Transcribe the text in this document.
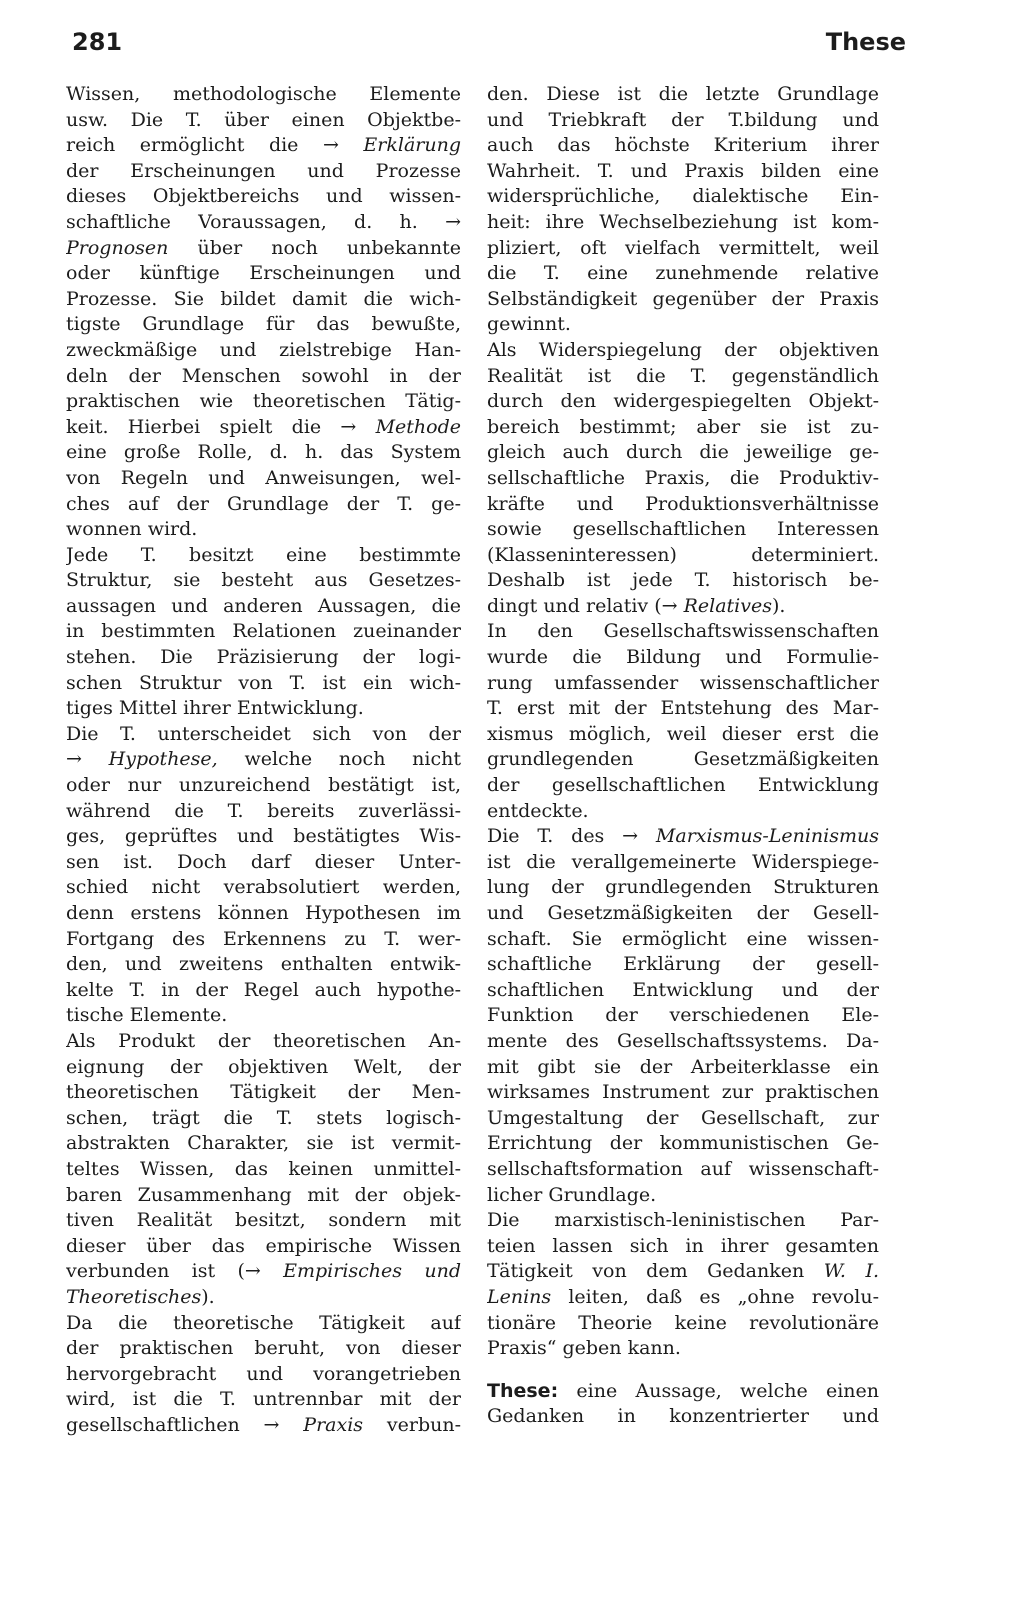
281	These
Wissen, methodologische Elemente
usw. Die T. über einen Objektbe-
reich ermöglicht die → Erklärung
der Erscheinungen und Prozesse
dieses Objektbereichs und wissen-
schaftliche Voraussagen, d. h. →
Prognosen über noch unbekannte
oder künftige Erscheinungen und
Prozesse. Sie bildet damit die wich-
tigste Grundlage für das bewußte,
zweckmäßige und zielstrebige Han-
deln der Menschen sowohl in der
praktischen wie theoretischen Tätig-
keit. Hierbei spielt die → Methode
eine große Rolle, d. h. das System
von Regeln und Anweisungen, wel-
ches auf der Grundlage der T. ge-
wonnen wird.
Jede T. besitzt eine bestimmte
Struktur, sie besteht aus Gesetzes-
aussagen und anderen Aussagen, die
in bestimmten Relationen zueinander
stehen. Die Präzisierung der logi-
schen Struktur von T. ist ein wich-
tiges Mittel ihrer Entwicklung.
Die T. unterscheidet sich von der
→ Hypothese, welche noch nicht
oder nur unzureichend bestätigt ist,
während die T. bereits zuverlässi-
ges, geprüftes und bestätigtes Wis-
sen ist. Doch darf dieser Unter-
schied nicht verabsolutiert werden,
denn erstens können Hypothesen im
Fortgang des Erkennens zu T. wer-
den, und zweitens enthalten entwik-
kelte T. in der Regel auch hypothe-
tische Elemente.
Als Produkt der theoretischen An-
eignung der objektiven Welt, der
theoretischen Tätigkeit der Men-
schen, trägt die T. stets logisch-
abstrakten Charakter, sie ist vermit-
teltes Wissen, das keinen unmittel-
baren Zusammenhang mit der objek-
tiven Realität besitzt, sondern mit
dieser über das empirische Wissen
verbunden ist (→ Empirisches und
Theoretisches).
Da die theoretische Tätigkeit auf
der praktischen beruht, von dieser
hervorgebracht und vorangetrieben
wird, ist die T. untrennbar mit der
gesellschaftlichen → Praxis verbun-
den. Diese ist die letzte Grundlage
und Triebkraft der T.bildung und
auch das höchste Kriterium ihrer
Wahrheit. T. und Praxis bilden eine
widersprüchliche, dialektische Ein-
heit: ihre Wechselbeziehung ist kom-
pliziert, oft vielfach vermittelt, weil
die T. eine zunehmende relative
Selbständigkeit gegenüber der Praxis
gewinnt.
Als Widerspiegelung der objektiven
Realität ist die T. gegenständlich
durch den widergespiegelten Objekt-
bereich bestimmt; aber sie ist zu-
gleich auch durch die jeweilige ge-
sellschaftliche Praxis, die Produktiv-
kräfte und Produktionsverhältnisse
sowie gesellschaftlichen Interessen
(Klasseninteressen) determiniert.
Deshalb ist jede T. historisch be-
dingt und relativ (→ Relatives).
In den Gesellschaftswissenschaften
wurde die Bildung und Formulie-
rung umfassender wissenschaftlicher
T. erst mit der Entstehung des Mar-
xismus möglich, weil dieser erst die
grundlegenden Gesetzmäßigkeiten
der gesellschaftlichen Entwicklung
entdeckte.
Die T. des → Marxismus-Leninismus
ist die verallgemeinerte Widerspiege-
lung der grundlegenden Strukturen
und Gesetzmäßigkeiten der Gesell-
schaft. Sie ermöglicht eine wissen-
schaftliche Erklärung der gesell-
schaftlichen Entwicklung und der
Funktion der verschiedenen Ele-
mente des Gesellschaftssystems. Da-
mit gibt sie der Arbeiterklasse ein
wirksames Instrument zur praktischen
Umgestaltung der Gesellschaft, zur
Errichtung der kommunistischen Ge-
sellschaftsformation auf wissenschaft-
licher Grundlage.
Die marxistisch-leninistischen Par-
teien lassen sich in ihrer gesamten
Tätigkeit von dem Gedanken W. I.
Lenins leiten, daß es „ohne revolu-
tionäre Theorie keine revolutionäre
Praxis“ geben kann.
These: eine Aussage, welche einen
Gedanken in konzentrierter und
